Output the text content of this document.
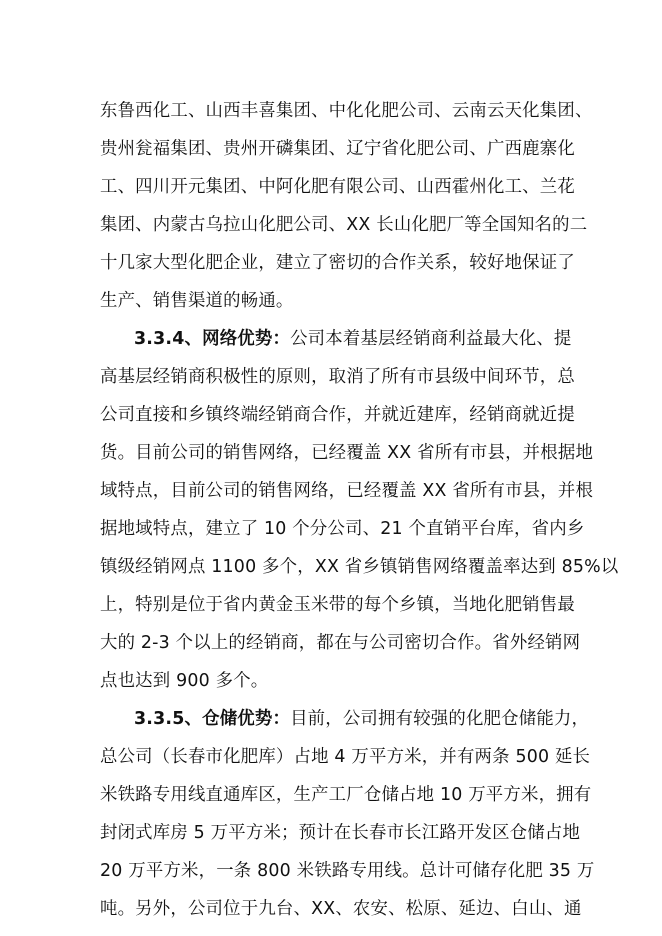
东鲁西化工、山西丰喜集团、中化化肥公司、云南云天化集团、
贵州瓮福集团、贵州开磷集团、辽宁省化肥公司、广西鹿寨化
工、四川开元集团、中阿化肥有限公司、山西霍州化工、兰花
集团、内蒙古乌拉山化肥公司、XX 长山化肥厂等全国知名的二
十几家大型化肥企业，建立了密切的合作关系，较好地保证了
生产、销售渠道的畅通。
3.3.4、网络优势：公司本着基层经销商利益最大化、提
高基层经销商积极性的原则，取消了所有市县级中间环节，总
公司直接和乡镇终端经销商合作，并就近建库，经销商就近提
货。目前公司的销售网络，已经覆盖 XX 省所有市县，并根据地
域特点，目前公司的销售网络，已经覆盖 XX 省所有市县，并根
据地域特点，建立了 10 个分公司、21 个直销平台库，省内乡
镇级经销网点 1100 多个，XX 省乡镇销售网络覆盖率达到 85%以
上，特别是位于省内黄金玉米带的每个乡镇，当地化肥销售最
大的 2-3 个以上的经销商，都在与公司密切合作。省外经销网
点也达到 900 多个。
3.3.5、仓储优势：目前，公司拥有较强的化肥仓储能力，
总公司（长春市化肥库）占地 4 万平方米，并有两条 500 延长
米铁路专用线直通库区，生产工厂仓储占地 10 万平方米，拥有
封闭式库房 5 万平方米；预计在长春市长江路开发区仓储占地
20 万平方米，一条 800 米铁路专用线。总计可储存化肥 35 万
吨。另外，公司位于九台、XX、农安、松原、延边、白山、通
